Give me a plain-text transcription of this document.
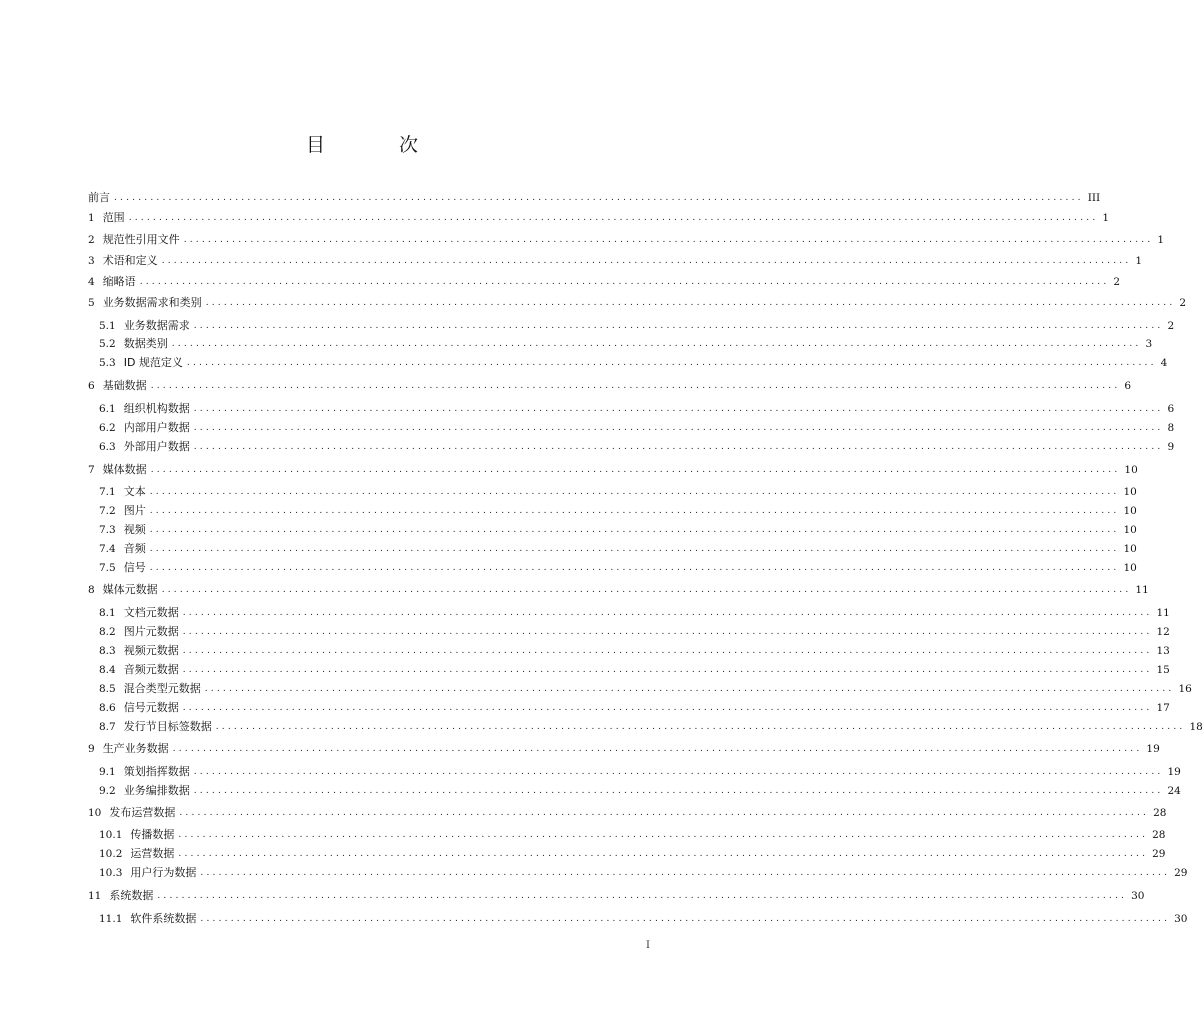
目 次
前言 ................................................................................................................................................................ III
1 范围 ................................................................................................................................................................ 1
2 规范性引用文件 ................................................................................................................................................................ 1
3 术语和定义 ................................................................................................................................................................ 1
4 缩略语 ................................................................................................................................................................ 2
5 业务数据需求和类别 ................................................................................................................................................................ 2
5.1 业务数据需求 ................................................................................................................................................................ 2
5.2 数据类别 ................................................................................................................................................................ 3
5.3 ID 规范定义 ................................................................................................................................................................ 4
6 基础数据 ................................................................................................................................................................ 6
6.1 组织机构数据 ................................................................................................................................................................ 6
6.2 内部用户数据 ................................................................................................................................................................ 8
6.3 外部用户数据 ................................................................................................................................................................ 9
7 媒体数据 ................................................................................................................................................................ 10
7.1 文本 ................................................................................................................................................................ 10
7.2 图片 ................................................................................................................................................................ 10
7.3 视频 ................................................................................................................................................................ 10
7.4 音频 ................................................................................................................................................................ 10
7.5 信号 ................................................................................................................................................................ 10
8 媒体元数据 ................................................................................................................................................................ 11
8.1 文档元数据 ................................................................................................................................................................ 11
8.2 图片元数据 ................................................................................................................................................................ 12
8.3 视频元数据 ................................................................................................................................................................ 13
8.4 音频元数据 ................................................................................................................................................................ 15
8.5 混合类型元数据 ................................................................................................................................................................ 16
8.6 信号元数据 ................................................................................................................................................................ 17
8.7 发行节目标签数据 ................................................................................................................................................................ 18
9 生产业务数据 ................................................................................................................................................................ 19
9.1 策划指挥数据 ................................................................................................................................................................ 19
9.2 业务编排数据 ................................................................................................................................................................ 24
10 发布运营数据 ................................................................................................................................................................ 28
10.1 传播数据 ................................................................................................................................................................ 28
10.2 运营数据 ................................................................................................................................................................ 29
10.3 用户行为数据 ................................................................................................................................................................ 29
11 系统数据 ................................................................................................................................................................ 30
11.1 软件系统数据 ................................................................................................................................................................ 30
I
